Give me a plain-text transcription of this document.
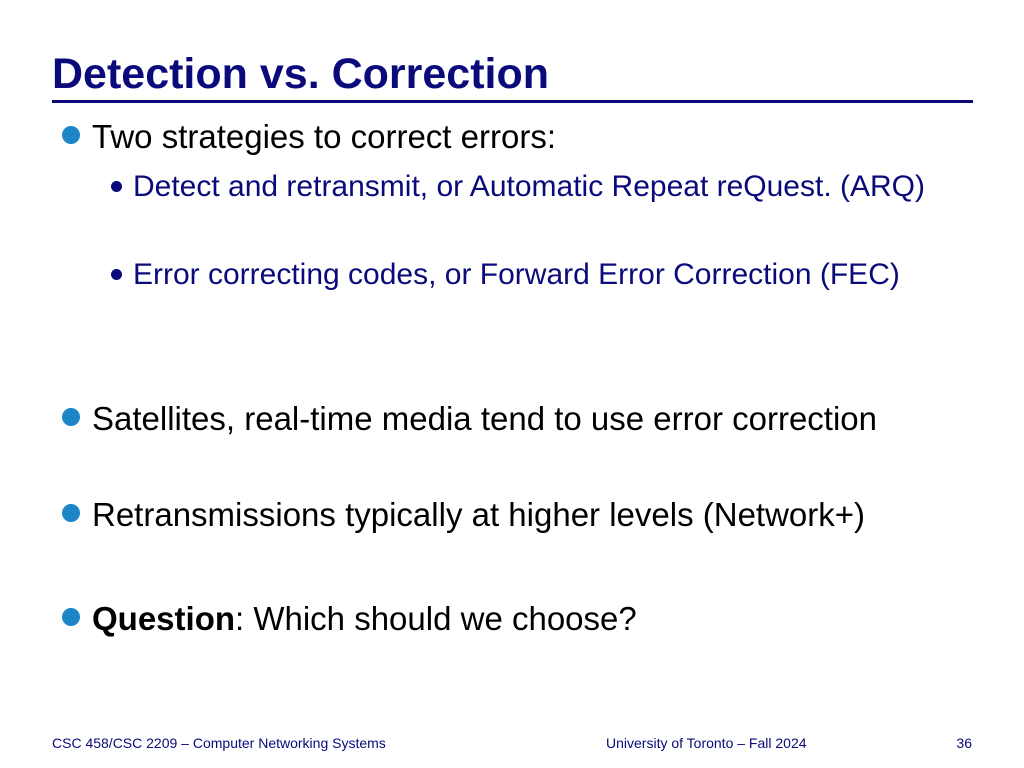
Detection vs. Correction
Two strategies to correct errors:
Detect and retransmit, or Automatic Repeat reQuest. (ARQ)
Error correcting codes, or Forward Error Correction (FEC)
Satellites, real-time media tend to use error correction
Retransmissions typically at higher levels (Network+)
Question: Which should we choose?
CSC 458/CSC 2209 – Computer Networking Systems	University of Toronto – Fall 2024	36
